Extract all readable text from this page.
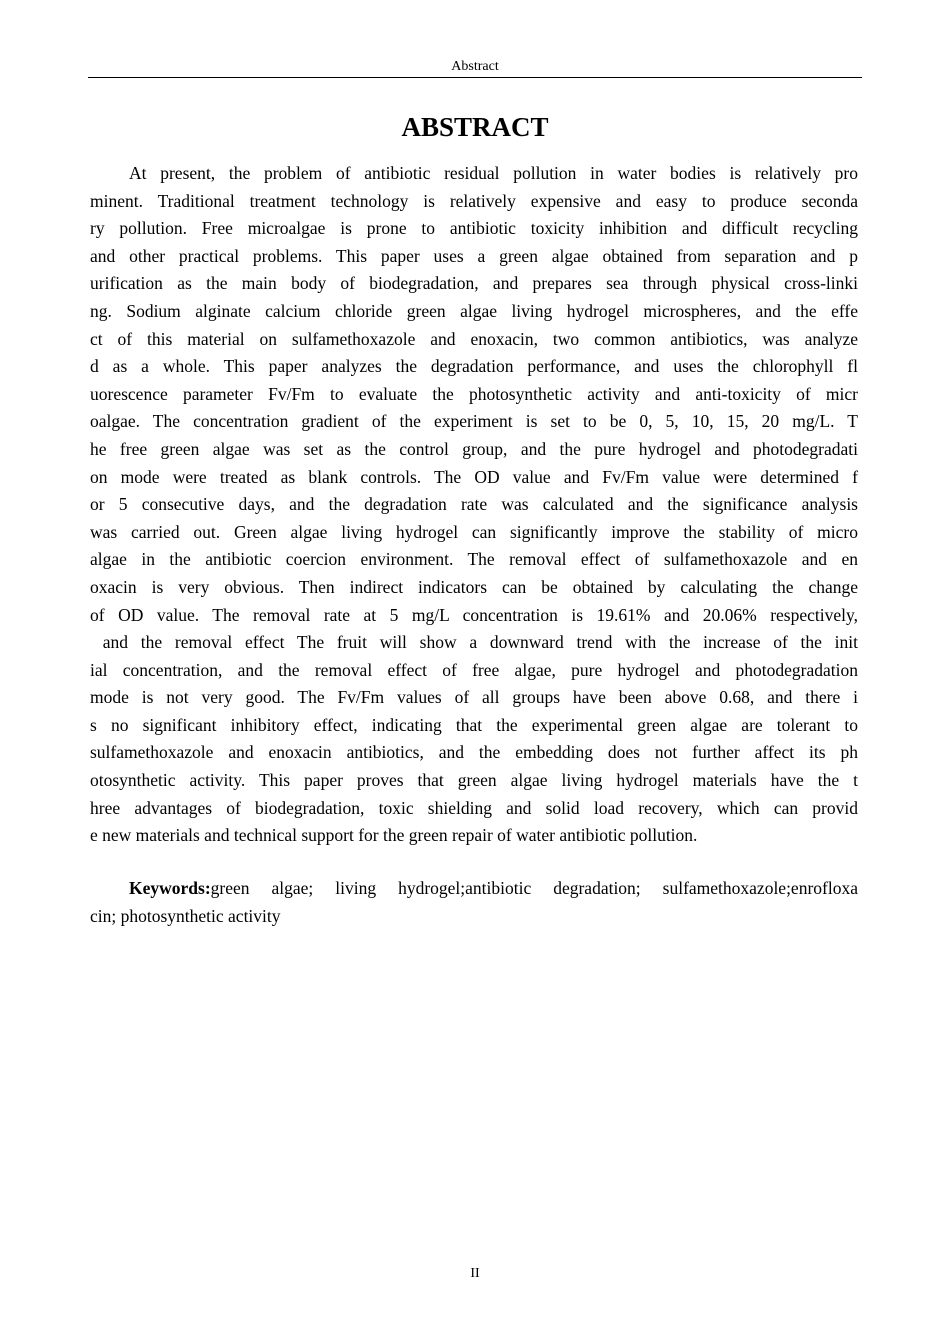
Abstract
ABSTRACT
At present, the problem of antibiotic residual pollution in water bodies is relatively pro
minent. Traditional treatment technology is relatively expensive and easy to produce seconda
ry pollution. Free microalgae is prone to antibiotic toxicity inhibition and difficult recycling
and other practical problems. This paper uses a green algae obtained from separation and p
urification as the main body of biodegradation, and prepares sea through physical cross-linki
ng. Sodium alginate calcium chloride green algae living hydrogel microspheres, and the effe
ct of this material on sulfamethoxazole and enoxacin, two common antibiotics, was analyze
d as a whole. This paper analyzes the degradation performance, and uses the chlorophyll fl
uorescence parameter Fv/Fm to evaluate the photosynthetic activity and anti-toxicity of micr
oalgae. The concentration gradient of the experiment is set to be 0, 5, 10, 15, 20 mg/L. T
he free green algae was set as the control group, and the pure hydrogel and photodegradati
on mode were treated as blank controls. The OD value and Fv/Fm value were determined f
or 5 consecutive days, and the degradation rate was calculated and the significance analysis
was carried out. Green algae living hydrogel can significantly improve the stability of micro
algae in the antibiotic coercion environment. The removal effect of sulfamethoxazole and en
oxacin is very obvious. Then indirect indicators can be obtained by calculating the change
of OD value. The removal rate at 5 mg/L concentration is 19.61% and 20.06% respectively,
and the removal effect The fruit will show a downward trend with the increase of the init
ial concentration, and the removal effect of free algae, pure hydrogel and photodegradation
mode is not very good. The Fv/Fm values of all groups have been above 0.68, and there i
s no significant inhibitory effect, indicating that the experimental green algae are tolerant to
sulfamethoxazole and enoxacin antibiotics, and the embedding does not further affect its ph
otosynthetic activity. This paper proves that green algae living hydrogel materials have the t
hree advantages of biodegradation, toxic shielding and solid load recovery, which can provid
e new materials and technical support for the green repair of water antibiotic pollution.
Keywords:green algae; living hydrogel;antibiotic degradation; sulfamethoxazole;enrofloxa
cin; photosynthetic activity
II
